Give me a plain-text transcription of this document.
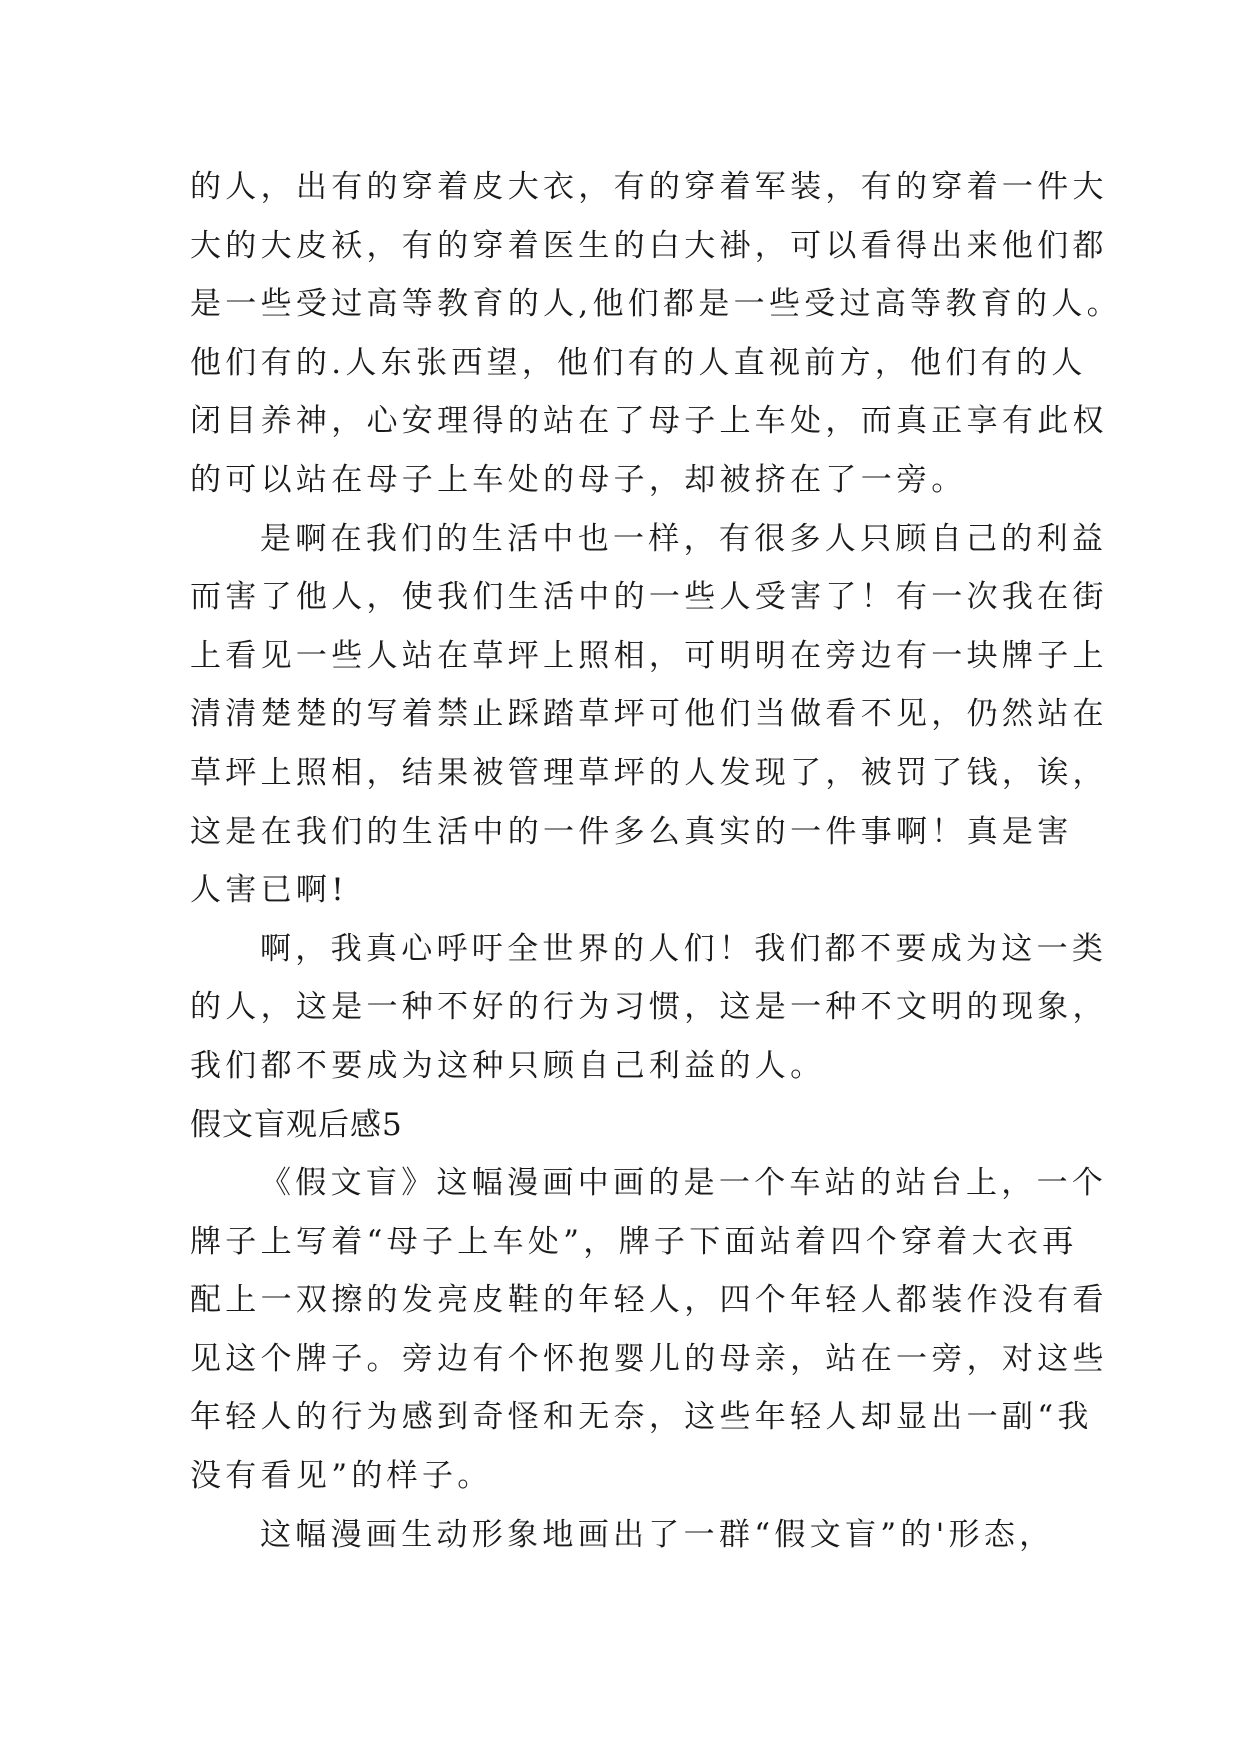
的人，出有的穿着皮大衣，有的穿着军装，有的穿着一件大
大的大皮袄，有的穿着医生的白大褂，可以看得出来他们都
是一些受过高等教育的人,他们都是一些受过高等教育的人。
他们有的.人东张西望，他们有的人直视前方，他们有的人
闭目养神，心安理得的站在了母子上车处，而真正享有此权
的可以站在母子上车处的母子，却被挤在了一旁。
是啊在我们的生活中也一样，有很多人只顾自己的利益
而害了他人，使我们生活中的一些人受害了！有一次我在街
上看见一些人站在草坪上照相，可明明在旁边有一块牌子上
清清楚楚的写着禁止踩踏草坪可他们当做看不见，仍然站在
草坪上照相，结果被管理草坪的人发现了，被罚了钱，诶，
这是在我们的生活中的一件多么真实的一件事啊！真是害
人害已啊!
啊，我真心呼吁全世界的人们！我们都不要成为这一类
的人，这是一种不好的行为习惯，这是一种不文明的现象，
我们都不要成为这种只顾自己利益的人。
假文盲观后感5
《假文盲》这幅漫画中画的是一个车站的站台上，一个
牌子上写着“母子上车处”，牌子下面站着四个穿着大衣再
配上一双擦的发亮皮鞋的年轻人，四个年轻人都装作没有看
见这个牌子。旁边有个怀抱婴儿的母亲，站在一旁，对这些
年轻人的行为感到奇怪和无奈，这些年轻人却显出一副“我
没有看见”的样子。
这幅漫画生动形象地画出了一群“假文盲”的'形态，
